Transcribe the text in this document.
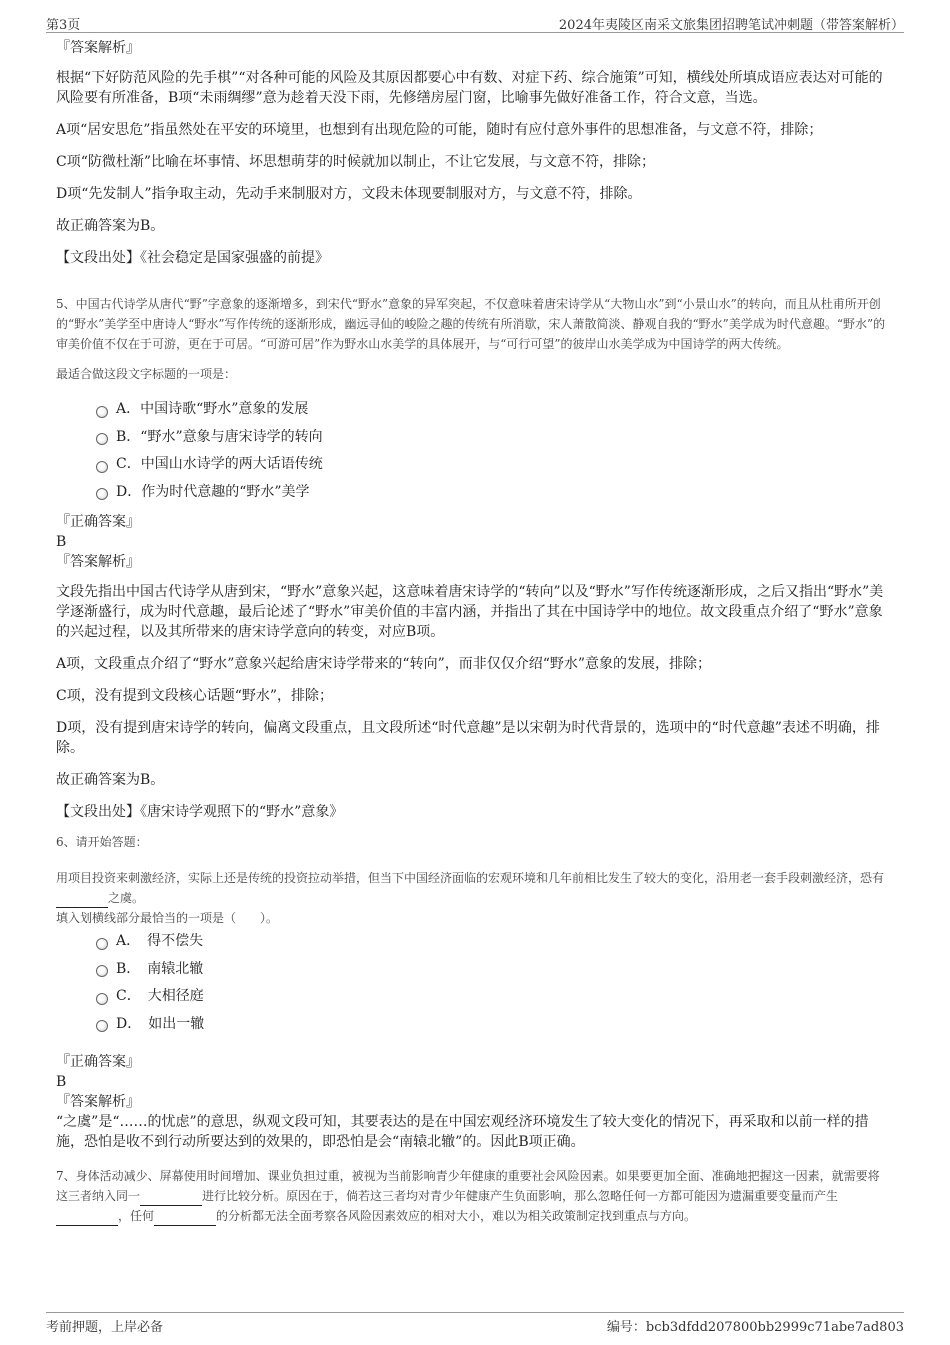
第3页	2024年夷陵区南采文旅集团招聘笔试冲刺题（带答案解析）

『答案解析』

根据“下好防范风险的先手棋”“对各种可能的风险及其原因都要心中有数、对症下药、综合施策”可知，横线处所填成语应表达对可能的风险要有所准备，B项“未雨绸缪”意为趁着天没下雨，先修缮房屋门窗，比喻事先做好准备工作，符合文意，当选。

A项“居安思危”指虽然处在平安的环境里，也想到有出现危险的可能，随时有应付意外事件的思想准备，与文意不符，排除；

C项“防微杜渐”比喻在坏事情、坏思想萌芽的时候就加以制止，不让它发展，与文意不符，排除；

D项“先发制人”指争取主动，先动手来制服对方，文段未体现要制服对方，与文意不符，排除。

故正确答案为B。

【文段出处】《社会稳定是国家强盛的前提》

5、中国古代诗学从唐代“野”字意象的逐渐增多，到宋代“野水”意象的异军突起，不仅意味着唐宋诗学从“大物山水”到“小景山水”的转向，而且从杜甫所开创的“野水”美学至中唐诗人“野水”写作传统的逐渐形成，幽远寻仙的峻险之趣的传统有所消歇，宋人萧散简淡、静观自我的“野水”美学成为时代意趣。“野水”的审美价值不仅在于可游，更在于可居。“可游可居”作为野水山水美学的具体展开，与“可行可望”的彼岸山水美学成为中国诗学的两大传统。

最适合做这段文字标题的一项是：

A．中国诗歌“野水”意象的发展
B．“野水”意象与唐宋诗学的转向
C．中国山水诗学的两大话语传统
D．作为时代意趣的“野水”美学

『正确答案』

B

『答案解析』

文段先指出中国古代诗学从唐到宋，“野水”意象兴起，这意味着唐宋诗学的“转向”以及“野水”写作传统逐渐形成，之后又指出“野水”美学逐渐盛行，成为时代意趣，最后论述了“野水”审美价值的丰富内涵，并指出了其在中国诗学中的地位。故文段重点介绍了“野水”意象的兴起过程，以及其所带来的唐宋诗学意向的转变，对应B项。

A项，文段重点介绍了“野水”意象兴起给唐宋诗学带来的“转向”，而非仅仅介绍“野水”意象的发展，排除；

C项，没有提到文段核心话题“野水”，排除；

D项，没有提到唐宋诗学的转向，偏离文段重点，且文段所述“时代意趣”是以宋朝为时代背景的，选项中的“时代意趣”表述不明确，排除。

故正确答案为B。

【文段出处】《唐宋诗学观照下的“野水”意象》

6、请开始答题：

用项目投资来刺激经济，实际上还是传统的投资拉动举措，但当下中国经济面临的宏观环境和几年前相比发生了较大的变化，沿用老一套手段刺激经济，恐有之虞。

填入划横线部分最恰当的一项是（　　）。

A．　得不偿失
B．　南辕北辙
C．　大相径庭
D．　如出一辙

『正确答案』

B

『答案解析』

“之虞”是“……的忧虑”的意思，纵观文段可知，其要表达的是在中国宏观经济环境发生了较大变化的情况下，再采取和以前一样的措施，恐怕是收不到行动所要达到的效果的，即恐怕是会“南辕北辙”的。因此B项正确。

7、身体活动减少、屏幕使用时间增加、课业负担过重，被视为当前影响青少年健康的重要社会风险因素。如果要更加全面、准确地把握这一因素，就需要将这三者纳入同一	进行比较分析。原因在于，倘若这三者均对青少年健康产生负面影响，那么忽略任何一方都可能因为遗漏重要变量而产生，任何	的分析都无法全面考察各风险因素效应的相对大小，难以为相关政策制定找到重点与方向。

考前押题，上岸必备	编号：bcb3dfdd207800bb2999c71abe7ad803
